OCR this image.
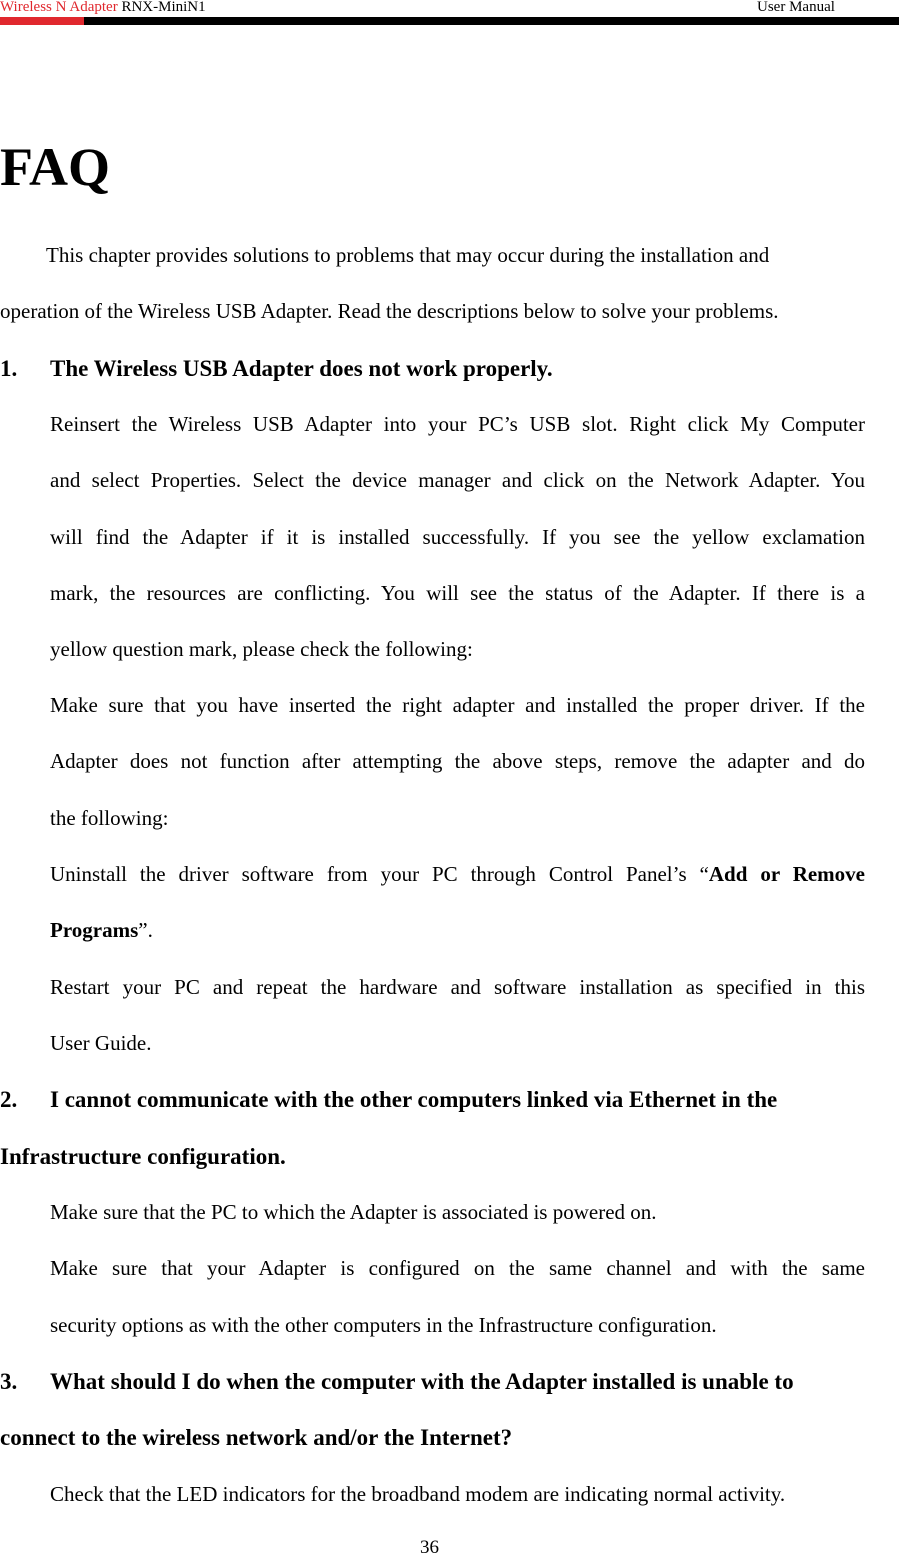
Wireless N Adapter RNX-MiniN1	User Manual
FAQ
This chapter provides solutions to problems that may occur during the installation and
operation of the Wireless USB Adapter. Read the descriptions below to solve your problems.
1. The Wireless USB Adapter does not work properly.
Reinsert the Wireless USB Adapter into your PC’s USB slot. Right click My Computer
and select Properties. Select the device manager and click on the Network Adapter. You
will find the Adapter if it is installed successfully. If you see the yellow exclamation
mark, the resources are conflicting. You will see the status of the Adapter. If there is a
yellow question mark, please check the following:
Make sure that you have inserted the right adapter and installed the proper driver. If the
Adapter does not function after attempting the above steps, remove the adapter and do
the following:
Uninstall the driver software from your PC through Control Panel’s “Add or Remove
Programs”.
Restart your PC and repeat the hardware and software installation as specified in this
User Guide.
2. I cannot communicate with the other computers linked via Ethernet in the
Infrastructure configuration.
Make sure that the PC to which the Adapter is associated is powered on.
Make sure that your Adapter is configured on the same channel and with the same
security options as with the other computers in the Infrastructure configuration.
3. What should I do when the computer with the Adapter installed is unable to
connect to the wireless network and/or the Internet?
Check that the LED indicators for the broadband modem are indicating normal activity.
36
